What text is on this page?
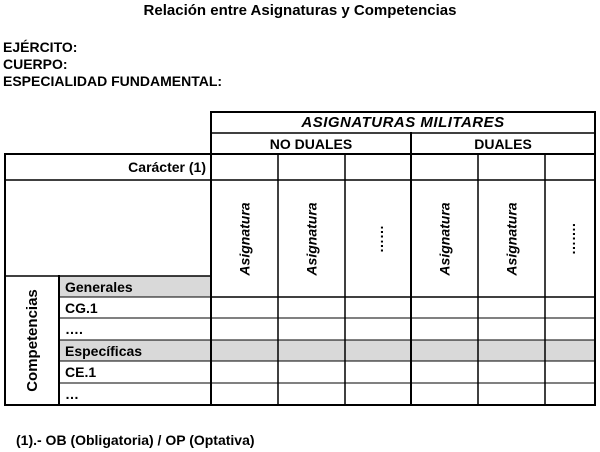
Relación entre Asignaturas y Competencias
EJÉRCITO:
CUERPO:
ESPECIALIDAD FUNDAMENTAL:
ASIGNATURAS MILITARES
NO DUALES	DUALES
Carácter (1)
Asignatura	Asignatura	……	Asignatura	Asignatura	…….
Competencias
Generales
CG.1
….
Específicas
CE.1
…
(1).- OB (Obligatoria) / OP (Optativa)
